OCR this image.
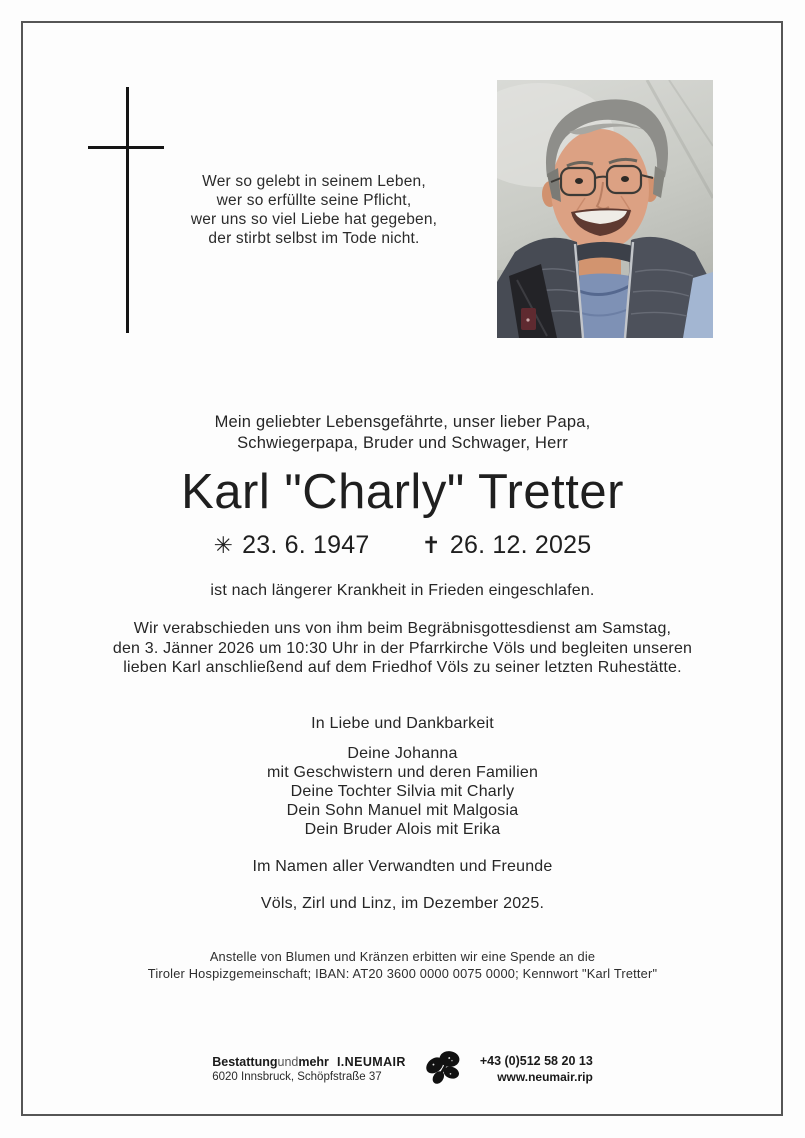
Wer so gelebt in seinem Leben,
wer so erfüllte seine Pflicht,
wer uns so viel Liebe hat gegeben,
der stirbt selbst im Tode nicht.
Mein geliebter Lebensgefährte, unser lieber Papa,
Schwiegerpapa, Bruder und Schwager, Herr
Karl "Charly" Tretter
✳ 23. 6. 1947 ✝ 26. 12. 2025
ist nach längerer Krankheit in Frieden eingeschlafen.
Wir verabschieden uns von ihm beim Begräbnisgottesdienst am Samstag,
den 3. Jänner 2026 um 10:30 Uhr in der Pfarrkirche Völs und begleiten unseren
lieben Karl anschließend auf dem Friedhof Völs zu seiner letzten Ruhestätte.
In Liebe und Dankbarkeit
Deine Johanna
mit Geschwistern und deren Familien
Deine Tochter Silvia mit Charly
Dein Sohn Manuel mit Malgosia
Dein Bruder Alois mit Erika
Im Namen aller Verwandten und Freunde
Völs, Zirl und Linz, im Dezember 2025.
Anstelle von Blumen und Kränzen erbitten wir eine Spende an die
Tiroler Hospizgemeinschaft; IBAN: AT20 3600 0000 0075 0000; Kennwort "Karl Tretter"
Bestattungundmehr I.NEUMAIR
6020 Innsbruck, Schöpfstraße 37
+43 (0)512 58 20 13
www.neumair.rip
